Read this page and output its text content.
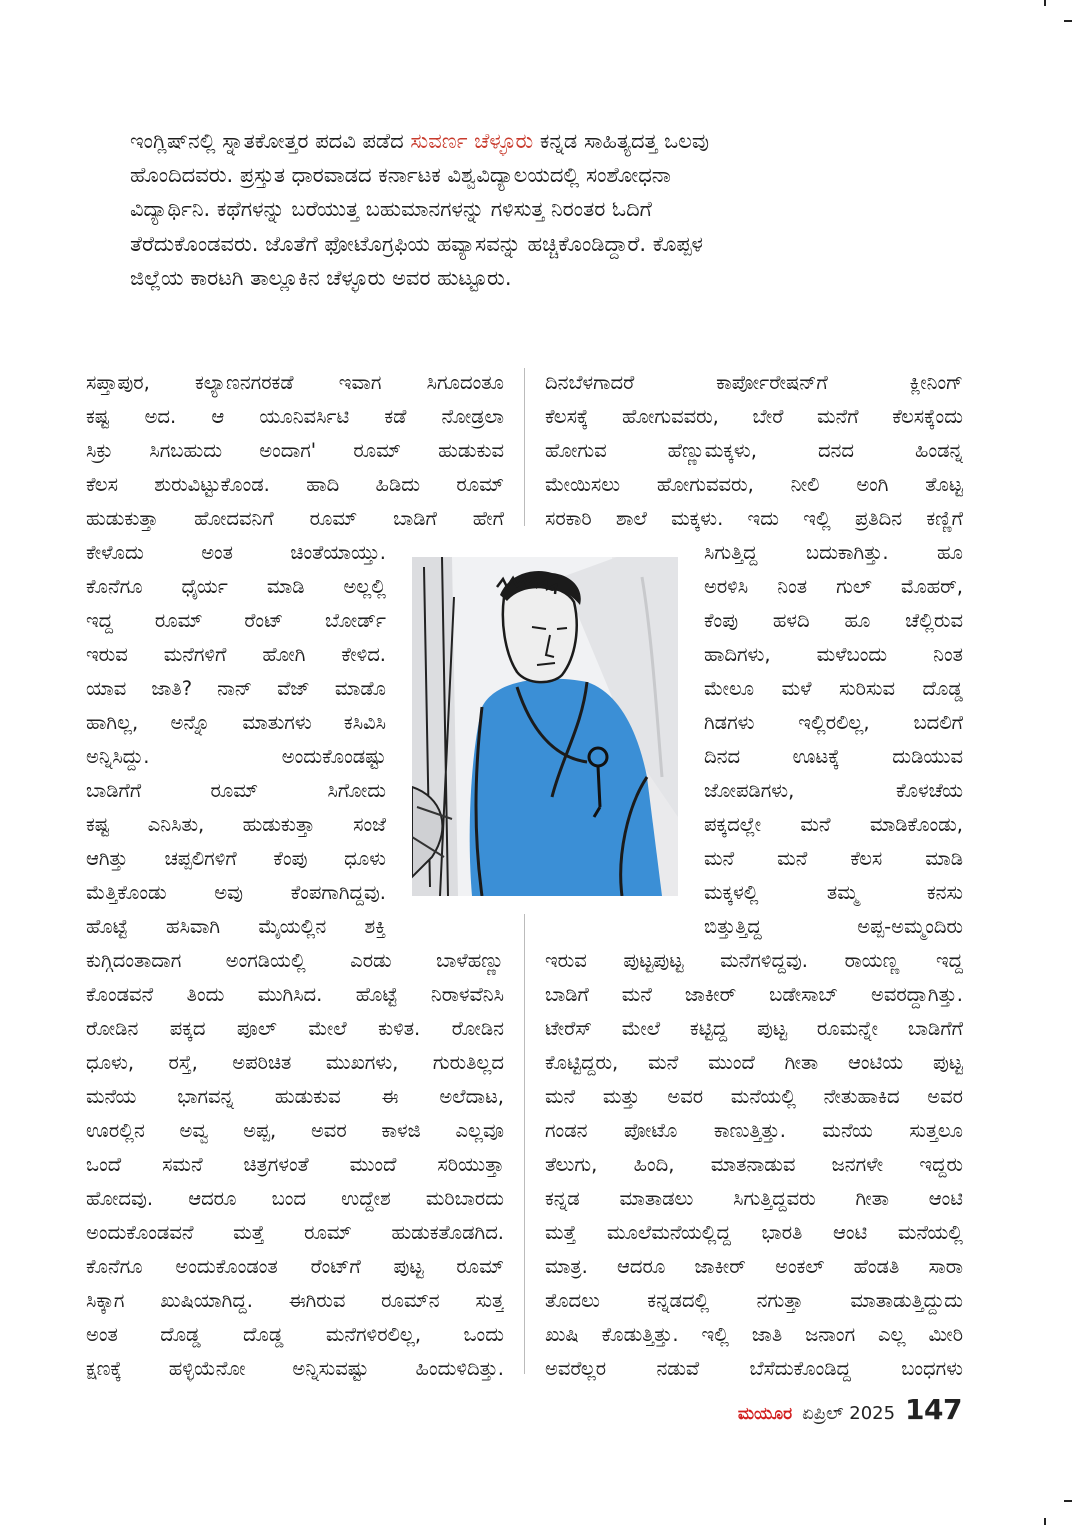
ಇಂಗ್ಲಿಷ್‌ನಲ್ಲಿ ಸ್ನಾತಕೋತ್ತರ ಪದವಿ ಪಡೆದ ಸುವರ್ಣ ಚೆಳ್ಳೂರು ಕನ್ನಡ ಸಾಹಿತ್ಯದತ್ತ ಒಲವು
ಹೊಂದಿದವರು. ಪ್ರಸ್ತುತ ಧಾರವಾಡದ ಕರ್ನಾಟಕ ವಿಶ್ವವಿದ್ಯಾಲಯದಲ್ಲಿ ಸಂಶೋಧನಾ
ವಿದ್ಯಾರ್ಥಿನಿ. ಕಥೆಗಳನ್ನು ಬರೆಯುತ್ತ ಬಹುಮಾನಗಳನ್ನು ಗಳಿಸುತ್ತ ನಿರಂತರ ಓದಿಗೆ
ತೆರೆದುಕೊಂಡವರು. ಜೊತೆಗೆ ಫೋಟೊಗ್ರಫಿಯ ಹವ್ಯಾಸವನ್ನು ಹಚ್ಚಿಕೊಂಡಿದ್ದಾರೆ. ಕೊಪ್ಪಳ
ಜಿಲ್ಲೆಯ ಕಾರಟಗಿ ತಾಲ್ಲೂಕಿನ ಚೆಳ್ಳೂರು ಅವರ ಹುಟ್ಟೂರು.
ಸಪ್ತಾಪುರ, ಕಲ್ಯಾಣನಗರಕಡೆ ಇವಾಗ ಸಿಗೂದಂತೂ
ಕಷ್ಟ ಅದ. ಆ ಯೂನಿವರ್ಸಿಟಿ ಕಡೆ ನೋಡ್ರಲಾ
ಸಿಕ್ರು ಸಿಗಬಹುದು ಅಂದಾಗ' ರೂಮ್ ಹುಡುಕುವ
ಕೆಲಸ ಶುರುವಿಟ್ಟುಕೊಂಡ. ಹಾದಿ ಹಿಡಿದು ರೂಮ್
ಹುಡುಕುತ್ತಾ ಹೋದವನಿಗೆ ರೂಮ್ ಬಾಡಿಗೆ ಹೇಗೆ
ಕೇಳೊದು ಅಂತ ಚಿಂತೆಯಾಯ್ತು.
ಕೊನೆಗೂ ಧೈರ್ಯ ಮಾಡಿ ಅಲ್ಲಲ್ಲಿ
ಇದ್ದ ರೂಮ್ ರೆಂಟ್ ಬೋರ್ಡ್
ಇರುವ ಮನೆಗಳಿಗೆ ಹೋಗಿ ಕೇಳಿದ.
ಯಾವ ಜಾತಿ? ನಾನ್ ವೆಜ್ ಮಾಡೊ
ಹಾಗಿಲ್ಲ, ಅನ್ನೊ ಮಾತುಗಳು ಕಸಿವಿಸಿ
ಅನ್ನಿಸಿದ್ದು. ಅಂದುಕೊಂಡಷ್ಟು
ಬಾಡಿಗೆಗೆ ರೂಮ್ ಸಿಗೋದು
ಕಷ್ಟ ಎನಿಸಿತು, ಹುಡುಕುತ್ತಾ ಸಂಜೆ
ಆಗಿತ್ತು ಚಪ್ಪಲಿಗಳಿಗೆ ಕೆಂಪು ಧೂಳು
ಮೆತ್ತಿಕೊಂಡು ಅವು ಕೆಂಪಗಾಗಿದ್ದವು.
ಹೊಟ್ಟೆ ಹಸಿವಾಗಿ ಮೈಯಲ್ಲಿನ ಶಕ್ತಿ
ಕುಗ್ಗಿದಂತಾದಾಗ ಅಂಗಡಿಯಲ್ಲಿ ಎರಡು ಬಾಳೆಹಣ್ಣು
ಕೊಂಡವನೆ ತಿಂದು ಮುಗಿಸಿದ. ಹೊಟ್ಟೆ ನಿರಾಳವೆನಿಸಿ
ರೋಡಿನ ಪಕ್ಕದ ಪೂಲ್ ಮೇಲೆ ಕುಳಿತ. ರೋಡಿನ
ಧೂಳು, ರಸ್ತೆ, ಅಪರಿಚಿತ ಮುಖಗಳು, ಗುರುತಿಲ್ಲದ
ಮನೆಯ ಭಾಗವನ್ನ ಹುಡುಕುವ ಈ ಅಲೆದಾಟ,
ಊರಲ್ಲಿನ ಅವ್ವ ಅಪ್ಪ, ಅವರ ಕಾಳಜಿ ಎಲ್ಲವೂ
ಒಂದೆ ಸಮನೆ ಚಿತ್ರಗಳಂತೆ ಮುಂದೆ ಸರಿಯುತ್ತಾ
ಹೋದವು. ಆದರೂ ಬಂದ ಉದ್ದೇಶ ಮರಿಬಾರದು
ಅಂದುಕೊಂಡವನೆ ಮತ್ತೆ ರೂಮ್ ಹುಡುಕತೊಡಗಿದ.
ಕೊನೆಗೂ ಅಂದುಕೊಂಡಂತ ರೆಂಟ್‌ಗೆ ಪುಟ್ಟ ರೂಮ್
ಸಿಕ್ಕಾಗ ಖುಷಿಯಾಗಿದ್ದ. ಈಗಿರುವ ರೂಮ್‌ನ ಸುತ್ತ
ಅಂತ ದೊಡ್ಡ ದೊಡ್ಡ ಮನೆಗಳಿರಲಿಲ್ಲ, ಒಂದು
ಕ್ಷಣಕ್ಕೆ ಹಳ್ಳಿಯೆನೋ ಅನ್ನಿಸುವಷ್ಟು ಹಿಂದುಳಿದಿತ್ತು.
ದಿನಬೆಳಗಾದರೆ ಕಾರ್ಪೋರೇಷನ್‌ಗೆ ಕ್ಲೀನಿಂಗ್
ಕೆಲಸಕ್ಕೆ ಹೋಗುವವರು, ಬೇರೆ ಮನೆಗೆ ಕೆಲಸಕ್ಕೆಂದು
ಹೋಗುವ ಹೆಣ್ಣುಮಕ್ಕಳು, ದನದ ಹಿಂಡನ್ನ
ಮೇಯಿಸಲು ಹೋಗುವವರು, ನೀಲಿ ಅಂಗಿ ತೊಟ್ಟ
ಸರಕಾರಿ ಶಾಲೆ ಮಕ್ಕಳು. ಇದು ಇಲ್ಲಿ ಪ್ರತಿದಿನ ಕಣ್ಣಿಗೆ
ಸಿಗುತ್ತಿದ್ದ ಬದುಕಾಗಿತ್ತು. ಹೂ
ಅರಳಿಸಿ ನಿಂತ ಗುಲ್ ಮೊಹರ್,
ಕೆಂಪು ಹಳದಿ ಹೂ ಚೆಲ್ಲಿರುವ
ಹಾದಿಗಳು, ಮಳೆಬಂದು ನಿಂತ
ಮೇಲೂ ಮಳೆ ಸುರಿಸುವ ದೊಡ್ಡ
ಗಿಡಗಳು ಇಲ್ಲಿರಲಿಲ್ಲ, ಬದಲಿಗೆ
ದಿನದ ಊಟಕ್ಕೆ ದುಡಿಯುವ
ಜೋಪಡಿಗಳು, ಕೊಳಚೆಯ
ಪಕ್ಕದಲ್ಲೇ ಮನೆ ಮಾಡಿಕೊಂಡು,
ಮನೆ ಮನೆ ಕೆಲಸ ಮಾಡಿ
ಮಕ್ಕಳಲ್ಲಿ ತಮ್ಮ ಕನಸು
ಬಿತ್ತುತ್ತಿದ್ದ ಅಪ್ಪ-ಅಮ್ಮಂದಿರು
ಇರುವ ಪುಟ್ಟಪುಟ್ಟ ಮನೆಗಳಿದ್ದವು. ರಾಯಣ್ಣ ಇದ್ದ
ಬಾಡಿಗೆ ಮನೆ ಜಾಕೀರ್ ಬಡೇಸಾಬ್ ಅವರದ್ದಾಗಿತ್ತು.
ಟೇರೆಸ್ ಮೇಲೆ ಕಟ್ಟಿದ್ದ ಪುಟ್ಟ ರೂಮನ್ನೇ ಬಾಡಿಗೆಗೆ
ಕೊಟ್ಟಿದ್ದರು, ಮನೆ ಮುಂದೆ ಗೀತಾ ಆಂಟಿಯ ಪುಟ್ಟ
ಮನೆ ಮತ್ತು ಅವರ ಮನೆಯಲ್ಲಿ ನೇತುಹಾಕಿದ ಅವರ
ಗಂಡನ ಪೋಟೊ ಕಾಣುತ್ತಿತ್ತು. ಮನೆಯ ಸುತ್ತಲೂ
ತೆಲುಗು, ಹಿಂದಿ, ಮಾತನಾಡುವ ಜನಗಳೇ ಇದ್ದರು
ಕನ್ನಡ ಮಾತಾಡಲು ಸಿಗುತ್ತಿದ್ದವರು ಗೀತಾ ಆಂಟಿ
ಮತ್ತೆ ಮೂಲೆಮನೆಯಲ್ಲಿದ್ದ ಭಾರತಿ ಆಂಟಿ ಮನೆಯಲ್ಲಿ
ಮಾತ್ರ. ಆದರೂ ಜಾಕೀರ್ ಅಂಕಲ್ ಹೆಂಡತಿ ಸಾರಾ
ತೊದಲು ಕನ್ನಡದಲ್ಲಿ ನಗುತ್ತಾ ಮಾತಾಡುತ್ತಿದ್ದುದು
ಖುಷಿ ಕೊಡುತ್ತಿತ್ತು. ಇಲ್ಲಿ ಜಾತಿ ಜನಾಂಗ ಎಲ್ಲ ಮೀರಿ
ಅವರೆಲ್ಲರ ನಡುವೆ ಬೆಸೆದುಕೊಂಡಿದ್ದ ಬಂಧಗಳು
ಮಯೂರ ಏಪ್ರಿಲ್ 2025 147
